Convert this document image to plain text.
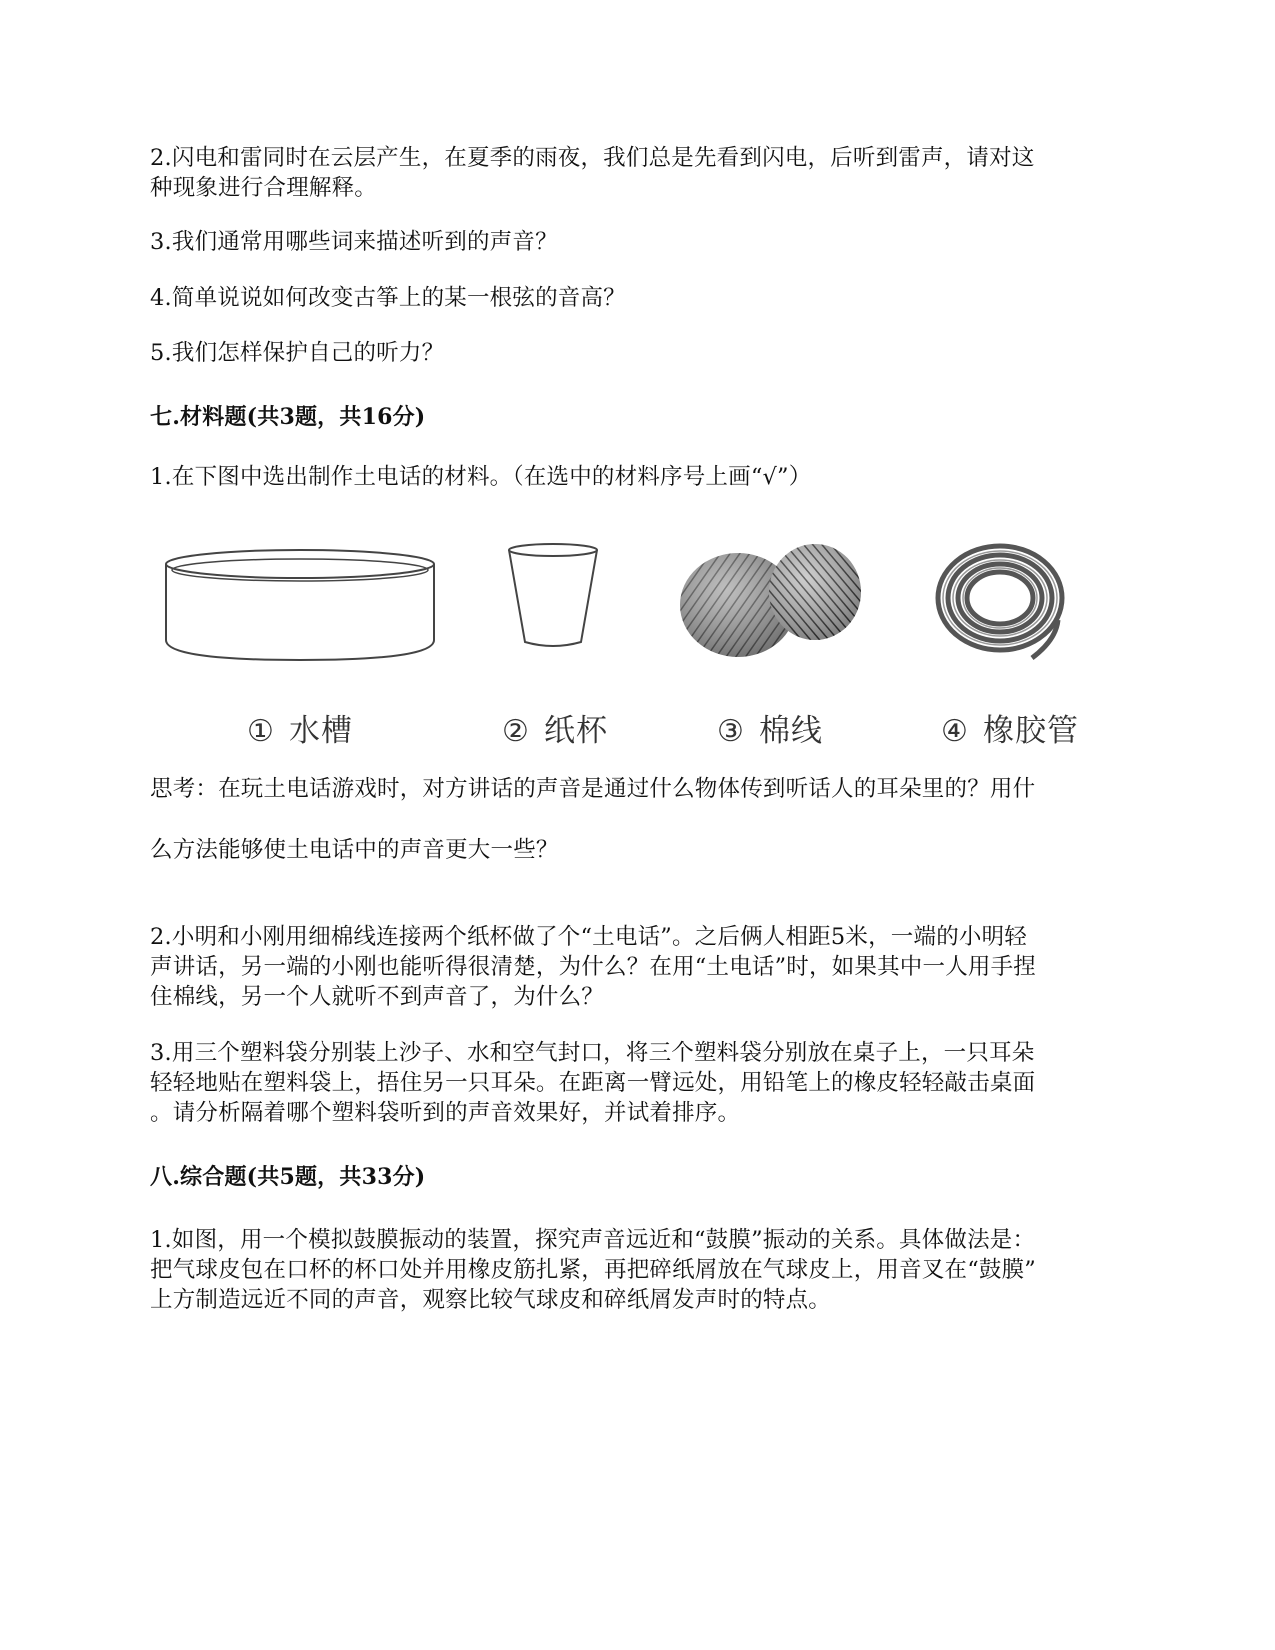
2.闪电和雷同时在云层产生，在夏季的雨夜，我们总是先看到闪电，后听到雷声，请对这

种现象进行合理解释。

3.我们通常用哪些词来描述听到的声音？

4.简单说说如何改变古筝上的某一根弦的音高？

5.我们怎样保护自己的听力？

七.材料题(共3题，共16分)

1.在下图中选出制作土电话的材料。（在选中的材料序号上画“√”）

① 水槽	② 纸杯	③ 棉线	④ 橡胶管

思考：在玩土电话游戏时，对方讲话的声音是通过什么物体传到听话人的耳朵里的？用什

么方法能够使土电话中的声音更大一些？

2.小明和小刚用细棉线连接两个纸杯做了个“土电话”。之后俩人相距5米，一端的小明轻

声讲话，另一端的小刚也能听得很清楚，为什么？在用“土电话”时，如果其中一人用手捏

住棉线，另一个人就听不到声音了，为什么？

3.用三个塑料袋分别装上沙子、水和空气封口，将三个塑料袋分别放在桌子上，一只耳朵

轻轻地贴在塑料袋上，捂住另一只耳朵。在距离一臂远处，用铅笔上的橡皮轻轻敲击桌面

。请分析隔着哪个塑料袋听到的声音效果好，并试着排序。

八.综合题(共5题，共33分)

1.如图，用一个模拟鼓膜振动的装置，探究声音远近和“鼓膜”振动的关系。具体做法是：

把气球皮包在口杯的杯口处并用橡皮筋扎紧，再把碎纸屑放在气球皮上，用音叉在“鼓膜”

上方制造远近不同的声音，观察比较气球皮和碎纸屑发声时的特点。
